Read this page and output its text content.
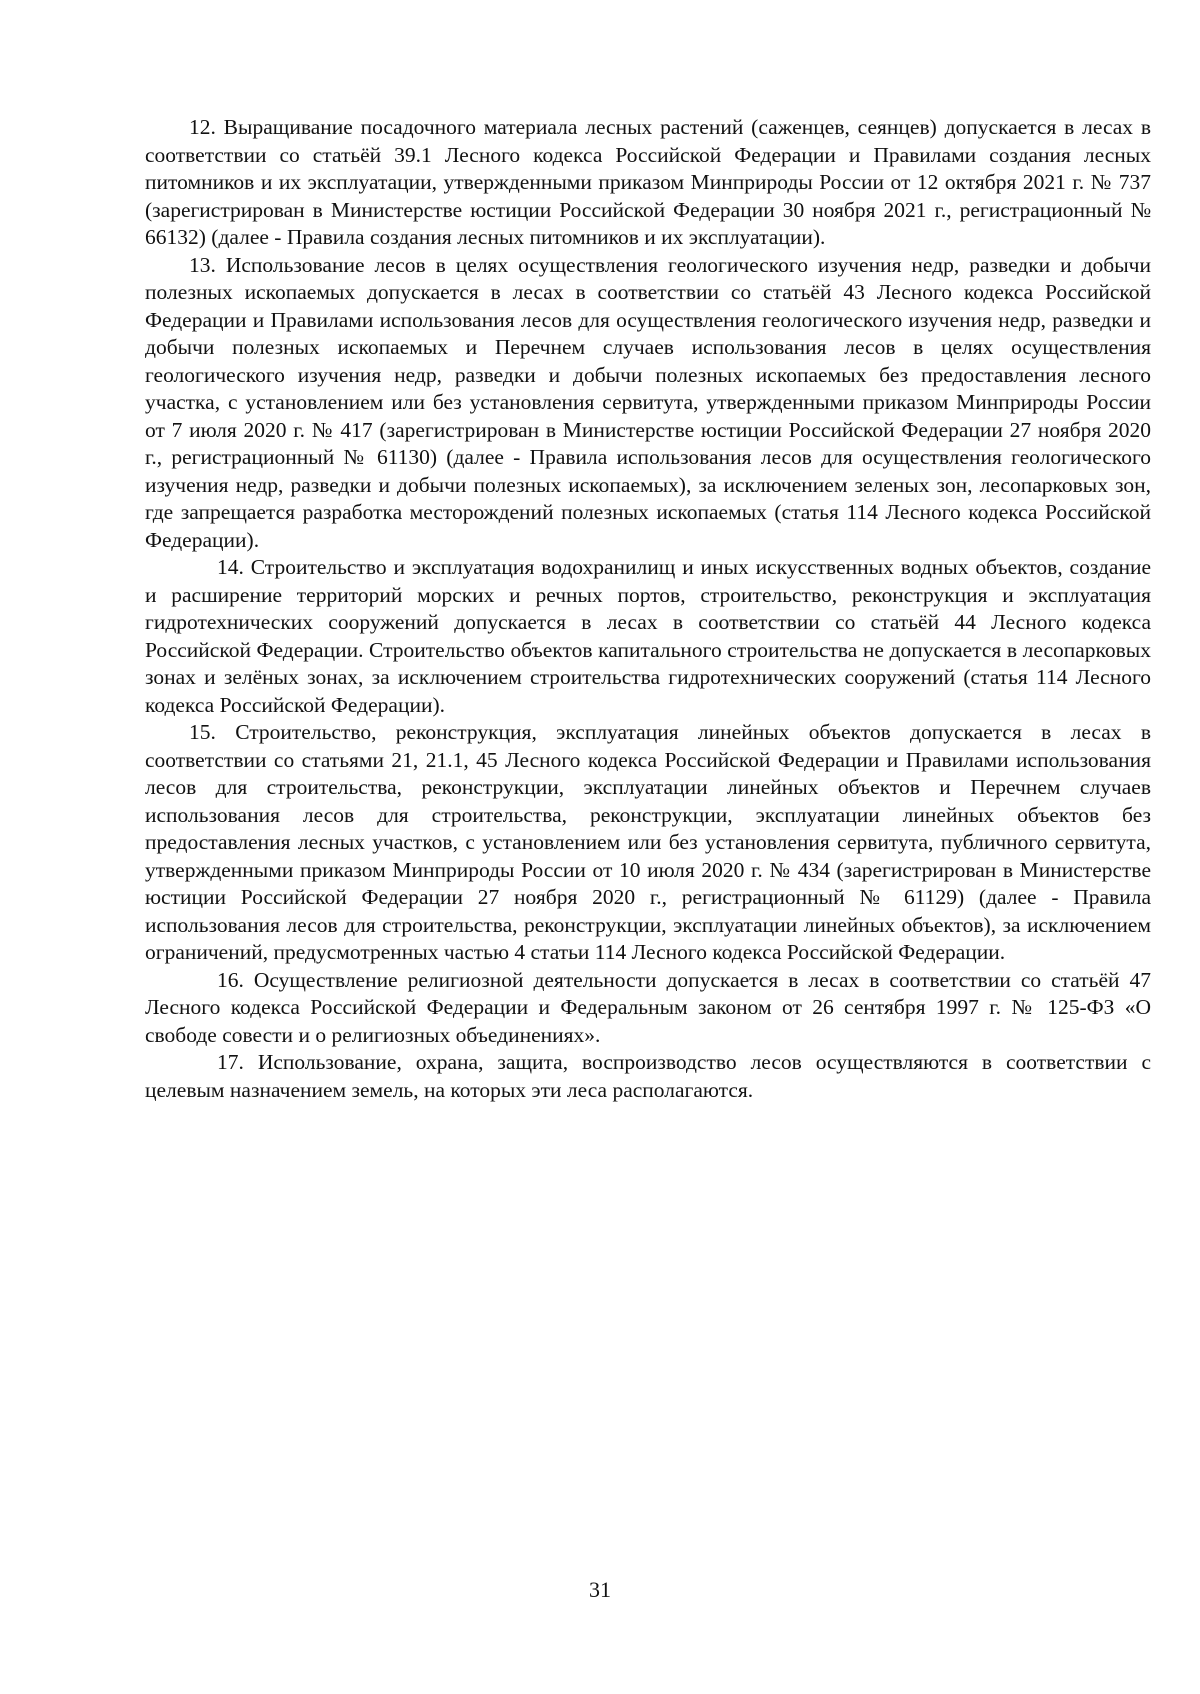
12. Выращивание посадочного материала лесных растений (саженцев, сеянцев) допускается в лесах в соответствии со статьёй 39.1 Лесного кодекса Российской Федерации и Правилами создания лесных питомников и их эксплуатации, утвержденными приказом Минприроды России от 12 октября 2021 г. № 737 (зарегистрирован в Министерстве юстиции Российской Федерации 30 ноября 2021 г., регистрационный № 66132) (далее - Правила создания лесных питомников и их эксплуатации).

13. Использование лесов в целях осуществления геологического изучения недр, разведки и добычи полезных ископаемых допускается в лесах в соответствии со статьёй 43 Лесного кодекса Российской Федерации и Правилами использования лесов для осуществления геологического изучения недр, разведки и добычи полезных ископаемых и Перечнем случаев использования лесов в целях осуществления геологического изучения недр, разведки и добычи полезных ископаемых без предоставления лесного участка, с установлением или без установления сервитута, утвержденными приказом Минприроды России от 7 июля 2020 г. № 417 (зарегистрирован в Министерстве юстиции Российской Федерации 27 ноября 2020 г., регистрационный № 61130) (далее - Правила использования лесов для осуществления геологического изучения недр, разведки и добычи полезных ископаемых), за исключением зеленых зон, лесопарковых зон, где запрещается разработка месторождений полезных ископаемых (статья 114 Лесного кодекса Российской Федерации).

14. Строительство и эксплуатация водохранилищ и иных искусственных водных объектов, создание и расширение территорий морских и речных портов, строительство, реконструкция и эксплуатация гидротехнических сооружений допускается в лесах в соответствии со статьёй 44 Лесного кодекса Российской Федерации. Строительство объектов капитального строительства не допускается в лесопарковых зонах и зелёных зонах, за исключением строительства гидротехнических сооружений (статья 114 Лесного кодекса Российской Федерации).

15. Строительство, реконструкция, эксплуатация линейных объектов допускается в лесах в соответствии со статьями 21, 21.1, 45 Лесного кодекса Российской Федерации и Правилами использования лесов для строительства, реконструкции, эксплуатации линейных объектов и Перечнем случаев использования лесов для строительства, реконструкции, эксплуатации линейных объектов без предоставления лесных участков, с установлением или без установления сервитута, публичного сервитута, утвержденными приказом Минприроды России от 10 июля 2020 г. № 434 (зарегистрирован в Министерстве юстиции Российской Федерации 27 ноября 2020 г., регистрационный № 61129) (далее - Правила использования лесов для строительства, реконструкции, эксплуатации линейных объектов), за исключением ограничений, предусмотренных частью 4 статьи 114 Лесного кодекса Российской Федерации.

16. Осуществление религиозной деятельности допускается в лесах в соответствии со статьёй 47 Лесного кодекса Российской Федерации и Федеральным законом от 26 сентября 1997 г. № 125-ФЗ «О свободе совести и о религиозных объединениях».

17. Использование, охрана, защита, воспроизводство лесов осуществляются в соответствии с целевым назначением земель, на которых эти леса располагаются.

31
